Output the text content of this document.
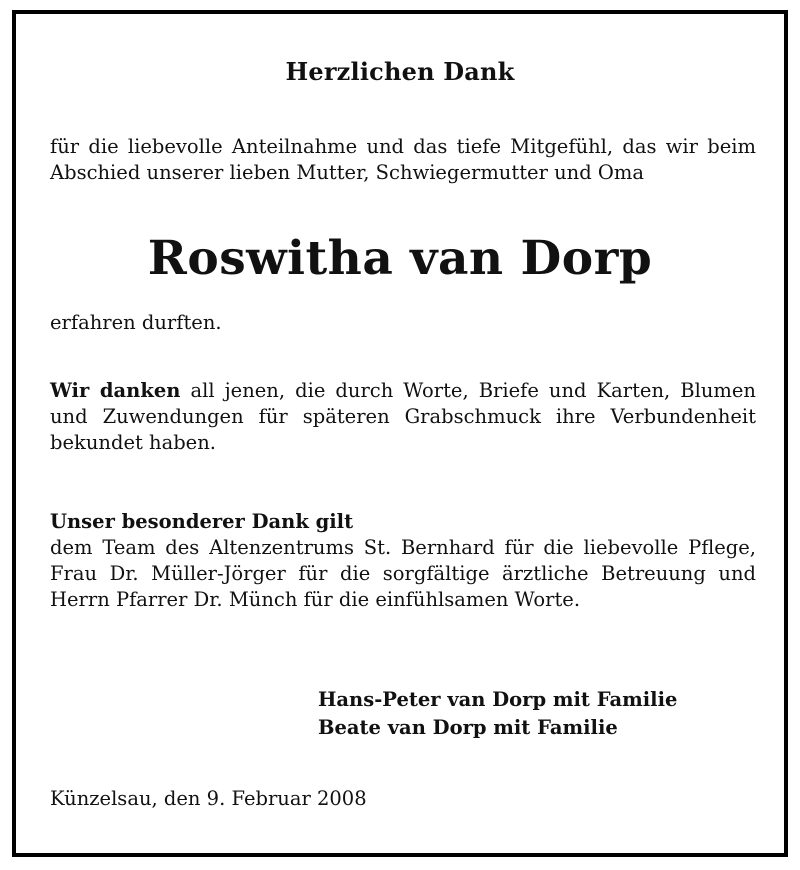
Herzlichen Dank
für die liebevolle Anteilnahme und das tiefe Mitgefühl, das wir beim Abschied unserer lieben Mutter, Schwiegermutter und Oma
Roswitha van Dorp
erfahren durften.
Wir danken all jenen, die durch Worte, Briefe und Karten, Blumen und Zuwendungen für späteren Grabschmuck ihre Verbundenheit bekundet haben.
Unser besonderer Dank gilt
dem Team des Altenzentrums St. Bernhard für die liebevolle Pflege, Frau Dr. Müller-Jörger für die sorgfältige ärztliche Betreuung und Herrn Pfarrer Dr. Münch für die einfühlsamen Worte.
Hans-Peter van Dorp mit Familie
Beate van Dorp mit Familie
Künzelsau, den 9. Februar 2008
